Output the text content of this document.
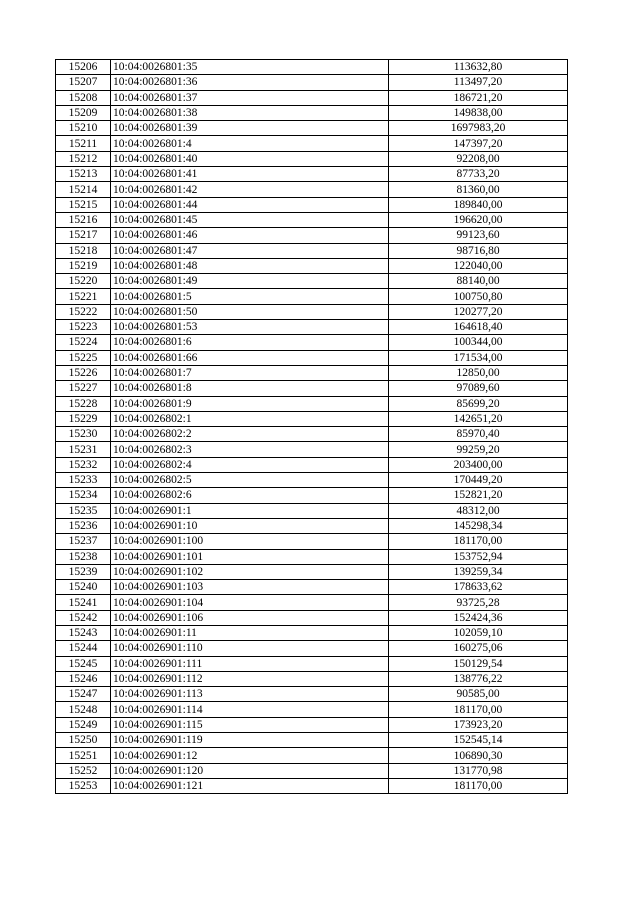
15206	10:04:0026801:35	113632,80
15207	10:04:0026801:36	113497,20
15208	10:04:0026801:37	186721,20
15209	10:04:0026801:38	149838,00
15210	10:04:0026801:39	1697983,20
15211	10:04:0026801:4	147397,20
15212	10:04:0026801:40	92208,00
15213	10:04:0026801:41	87733,20
15214	10:04:0026801:42	81360,00
15215	10:04:0026801:44	189840,00
15216	10:04:0026801:45	196620,00
15217	10:04:0026801:46	99123,60
15218	10:04:0026801:47	98716,80
15219	10:04:0026801:48	122040,00
15220	10:04:0026801:49	88140,00
15221	10:04:0026801:5	100750,80
15222	10:04:0026801:50	120277,20
15223	10:04:0026801:53	164618,40
15224	10:04:0026801:6	100344,00
15225	10:04:0026801:66	171534,00
15226	10:04:0026801:7	12850,00
15227	10:04:0026801:8	97089,60
15228	10:04:0026801:9	85699,20
15229	10:04:0026802:1	142651,20
15230	10:04:0026802:2	85970,40
15231	10:04:0026802:3	99259,20
15232	10:04:0026802:4	203400,00
15233	10:04:0026802:5	170449,20
15234	10:04:0026802:6	152821,20
15235	10:04:0026901:1	48312,00
15236	10:04:0026901:10	145298,34
15237	10:04:0026901:100	181170,00
15238	10:04:0026901:101	153752,94
15239	10:04:0026901:102	139259,34
15240	10:04:0026901:103	178633,62
15241	10:04:0026901:104	93725,28
15242	10:04:0026901:106	152424,36
15243	10:04:0026901:11	102059,10
15244	10:04:0026901:110	160275,06
15245	10:04:0026901:111	150129,54
15246	10:04:0026901:112	138776,22
15247	10:04:0026901:113	90585,00
15248	10:04:0026901:114	181170,00
15249	10:04:0026901:115	173923,20
15250	10:04:0026901:119	152545,14
15251	10:04:0026901:12	106890,30
15252	10:04:0026901:120	131770,98
15253	10:04:0026901:121	181170,00
